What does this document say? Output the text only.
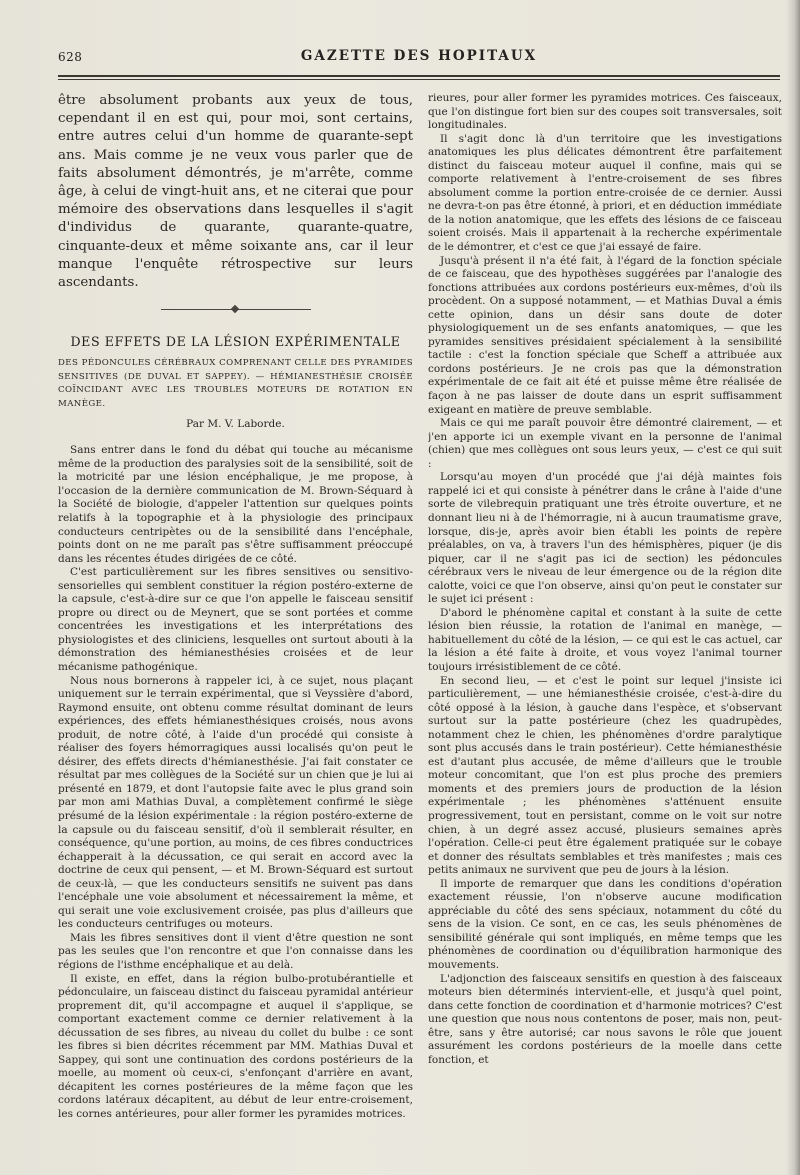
628	GAZETTE DES HOPITAUX

être absolument probants aux yeux de tous, cependant il en est qui, pour moi, sont certains, entre autres celui d'un homme de quarante-sept ans. Mais comme je ne veux vous parler que de faits absolument démontrés, je m'arrête, comme âge, à celui de vingt-huit ans, et ne citerai que pour mémoire des observations dans lesquelles il s'agit d'individus de quarante, quarante-quatre, cinquante-deux et même soixante ans, car il leur manque l'enquête rétrospective sur leurs ascendants.

DES EFFETS DE LA LÉSION EXPÉRIMENTALE

DES PÉDONCULES CÉRÉBRAUX COMPRENANT CELLE DES PYRAMIDES SENSITIVES (DE DUVAL ET SAPPEY). — HÉMIANESTHÉSIE CROISÉE COÏNCIDANT AVEC LES TROUBLES MOTEURS DE ROTATION EN MANÈGE.

Par M. V. Laborde.

Sans entrer dans le fond du débat qui touche au mécanisme même de la production des paralysies soit de la sensibilité, soit de la motricité par une lésion encéphalique, je me propose, à l'occasion de la dernière communication de M. Brown-Séquard à la Société de biologie, d'appeler l'attention sur quelques points relatifs à la topographie et à la physiologie des principaux conducteurs centripètes ou de la sensibilité dans l'encéphale, points dont on ne me paraît pas s'être suffisamment préoccupé dans les récentes études dirigées de ce côté.

C'est particulièrement sur les fibres sensitives ou sensitivo-sensorielles qui semblent constituer la région postéro-externe de la capsule, c'est-à-dire sur ce que l'on appelle le faisceau sensitif propre ou direct ou de Meynert, que se sont portées et comme concentrées les investigations et les interprétations des physiologistes et des cliniciens, lesquelles ont surtout abouti à la démonstration des hémianesthésies croisées et de leur mécanisme pathogénique.

Nous nous bornerons à rappeler ici, à ce sujet, nous plaçant uniquement sur le terrain expérimental, que si Veyssière d'abord, Raymond ensuite, ont obtenu comme résultat dominant de leurs expériences, des effets hémianesthésiques croisés, nous avons produit, de notre côté, à l'aide d'un procédé qui consiste à réaliser des foyers hémorragiques aussi localisés qu'on peut le désirer, des effets directs d'hémianesthésie. J'ai fait constater ce résultat par mes collègues de la Société sur un chien que je lui ai présenté en 1879, et dont l'autopsie faite avec le plus grand soin par mon ami Mathias Duval, a complètement confirmé le siège présumé de la lésion expérimentale : la région postéro-externe de la capsule ou du faisceau sensitif, d'où il semblerait résulter, en conséquence, qu'une portion, au moins, de ces fibres conductrices échapperait à la décussation, ce qui serait en accord avec la doctrine de ceux qui pensent, — et M. Brown-Séquard est surtout de ceux-là, — que les conducteurs sensitifs ne suivent pas dans l'encéphale une voie absolument et nécessairement la même, et qui serait une voie exclusivement croisée, pas plus d'ailleurs que les conducteurs centrifuges ou moteurs.

Mais les fibres sensitives dont il vient d'être question ne sont pas les seules que l'on rencontre et que l'on connaisse dans les régions de l'isthme encéphalique et au delà.

Il existe, en effet, dans la région bulbo-protubérantielle et pédonculaire, un faisceau distinct du faisceau pyramidal antérieur proprement dit, qu'il accompagne et auquel il s'applique, se comportant exactement comme ce dernier relativement à la décussation de ses fibres, au niveau du collet du bulbe : ce sont les fibres si bien décrites récemment par MM. Mathias Duval et Sappey, qui sont une continuation des cordons postérieurs de la moelle, au moment où ceux-ci, s'enfonçant d'arrière en avant, décapitent les cornes postérieures de la même façon que les cordons latéraux décapitent, au début de leur entre-croisement, les cornes antérieures, pour aller former les pyramides motrices.

rieures, pour aller former les pyramides motrices. Ces faisceaux, que l'on distingue fort bien sur des coupes soit transversales, soit longitudinales.

Il s'agit donc là d'un territoire que les investigations anatomiques les plus délicates démontrent être parfaitement distinct du faisceau moteur auquel il confine, mais qui se comporte relativement à l'entre-croisement de ses fibres absolument comme la portion entre-croisée de ce dernier. Aussi ne devra-t-on pas être étonné, à priori, et en déduction immédiate de la notion anatomique, que les effets des lésions de ce faisceau soient croisés. Mais il appartenait à la recherche expérimentale de le démontrer, et c'est ce que j'ai essayé de faire.

Jusqu'à présent il n'a été fait, à l'égard de la fonction spéciale de ce faisceau, que des hypothèses suggérées par l'analogie des fonctions attribuées aux cordons postérieurs eux-mêmes, d'où ils procèdent. On a supposé notamment, — et Mathias Duval a émis cette opinion, dans un désir sans doute de doter physiologiquement un de ses enfants anatomiques, — que les pyramides sensitives présidaient spécialement à la sensibilité tactile : c'est la fonction spéciale que Scheff a attribuée aux cordons postérieurs. Je ne crois pas que la démonstration expérimentale de ce fait ait été et puisse même être réalisée de façon à ne pas laisser de doute dans un esprit suffisamment exigeant en matière de preuve semblable.

Mais ce qui me paraît pouvoir être démontré clairement, — et j'en apporte ici un exemple vivant en la personne de l'animal (chien) que mes collègues ont sous leurs yeux, — c'est ce qui suit :

Lorsqu'au moyen d'un procédé que j'ai déjà maintes fois rappelé ici et qui consiste à pénétrer dans le crâne à l'aide d'une sorte de vilebrequin pratiquant une très étroite ouverture, et ne donnant lieu ni à de l'hémorragie, ni à aucun traumatisme grave, lorsque, dis-je, après avoir bien établi les points de repère préalables, on va, à travers l'un des hémisphères, piquer (je dis piquer, car il ne s'agit pas ici de section) les pédoncules cérébraux vers le niveau de leur émergence ou de la région dite calotte, voici ce que l'on observe, ainsi qu'on peut le constater sur le sujet ici présent :

D'abord le phénomène capital et constant à la suite de cette lésion bien réussie, la rotation de l'animal en manège, — habituellement du côté de la lésion, — ce qui est le cas actuel, car la lésion a été faite à droite, et vous voyez l'animal tourner toujours irrésistiblement de ce côté.

En second lieu, — et c'est le point sur lequel j'insiste ici particulièrement, — une hémianesthésie croisée, c'est-à-dire du côté opposé à la lésion, à gauche dans l'espèce, et s'observant surtout sur la patte postérieure (chez les quadrupèdes, notamment chez le chien, les phénomènes d'ordre paralytique sont plus accusés dans le train postérieur). Cette hémianesthésie est d'autant plus accusée, de même d'ailleurs que le trouble moteur concomitant, que l'on est plus proche des premiers moments et des premiers jours de production de la lésion expérimentale ; les phénomènes s'atténuent ensuite progressivement, tout en persistant, comme on le voit sur notre chien, à un degré assez accusé, plusieurs semaines après l'opération. Celle-ci peut être également pratiquée sur le cobaye et donner des résultats semblables et très manifestes ; mais ces petits animaux ne survivent que peu de jours à la lésion.

Il importe de remarquer que dans les conditions d'opération exactement réussie, l'on n'observe aucune modification appréciable du côté des sens spéciaux, notamment du côté du sens de la vision. Ce sont, en ce cas, les seuls phénomènes de sensibilité générale qui sont impliqués, en même temps que les phénomènes de coordination ou d'équilibration harmonique des mouvements.

L'adjonction des faisceaux sensitifs en question à des faisceaux moteurs bien déterminés intervient-elle, et jusqu'à quel point, dans cette fonction de coordination et d'harmonie motrices? C'est une question que nous nous contentons de poser, mais non, peut-être, sans y être autorisé; car nous savons le rôle que jouent assurément les cordons postérieurs de la moelle dans cette fonction, et
